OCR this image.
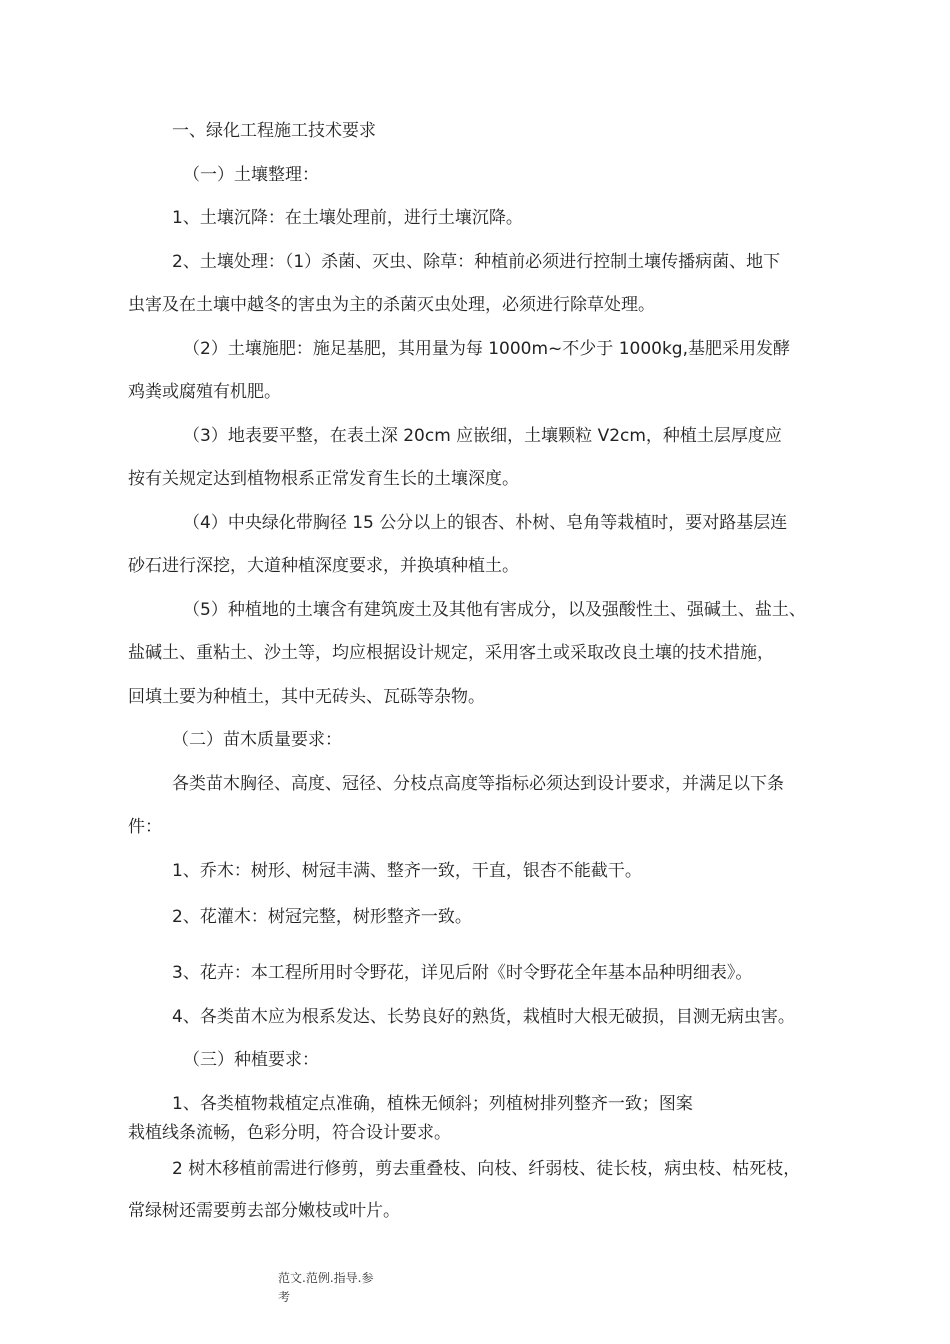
一、绿化工程施工技术要求
（一）土壤整理：
1、土壤沉降：在土壤处理前，进行土壤沉降。
2、土壤处理：（1）杀菌、灭虫、除草：种植前必须进行控制土壤传播病菌、地下
虫害及在土壤中越冬的害虫为主的杀菌灭虫处理，必须进行除草处理。
（2）土壤施肥：施足基肥，其用量为每 1000m~不少于 1000kg,基肥采用发酵
鸡粪或腐殖有机肥。
（3）地表要平整，在表土深 20cm 应嵌细，土壤颗粒 V2cm，种植土层厚度应
按有关规定达到植物根系正常发育生长的土壤深度。
（4）中央绿化带胸径 15 公分以上的银杏、朴树、皂角等栽植时，要对路基层连
砂石进行深挖，大道种植深度要求，并换填种植土。
（5）种植地的土壤含有建筑废土及其他有害成分，以及强酸性土、强碱土、盐土、
盐碱土、重粘土、沙土等，均应根据设计规定，采用客土或采取改良土壤的技术措施，
回填土要为种植土，其中无砖头、瓦砾等杂物。
（二）苗木质量要求：
各类苗木胸径、高度、冠径、分枝点高度等指标必须达到设计要求，并满足以下条
件：
1、乔木：树形、树冠丰满、整齐一致，干直，银杏不能截干。
2、花灌木：树冠完整，树形整齐一致。
3、花卉：本工程所用时令野花，详见后附《时令野花全年基本品种明细表》。
4、各类苗木应为根系发达、长势良好的熟货，栽植时大根无破损，目测无病虫害。
（三）种植要求：
1、各类植物栽植定点准确，植株无倾斜；列植树排列整齐一致；图案
栽植线条流畅，色彩分明，符合设计要求。
2 树木移植前需进行修剪，剪去重叠枝、向枝、纤弱枝、徒长枝，病虫枝、枯死枝，
常绿树还需要剪去部分嫩枝或叶片。
范文.范例.指导.参
考
